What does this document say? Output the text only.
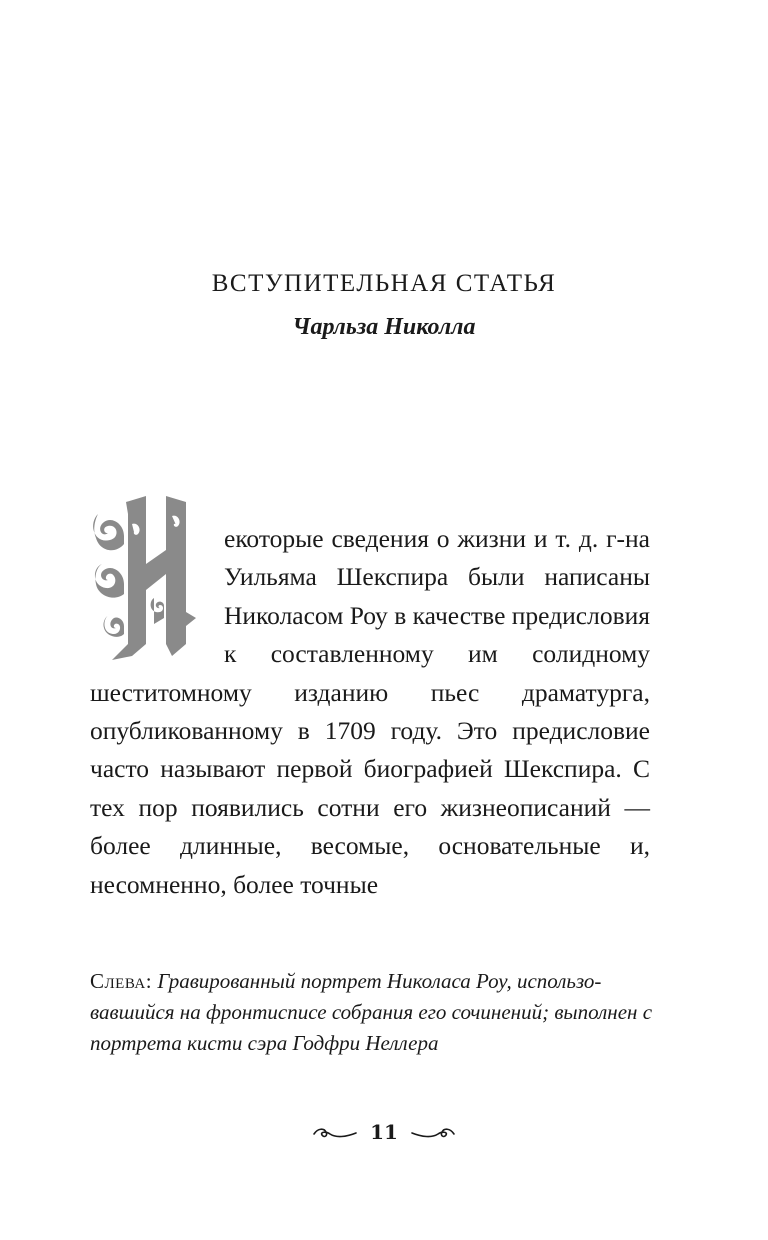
ВСТУПИТЕЛЬНАЯ СТАТЬЯ
Чарльза Николла
екоторые сведения о жизни и т. д. г-на Уильяма Шекспира были написаны Николасом Роу в качестве предисловия к составленному им солидному шеститомному изданию пьес драматурга, опубликованному в 1709 году. Это предисловие часто называют первой биографией Шекспира. С тех пор появились сотни его жизнеописаний — более длинные, весомые, основательные и, несомненно, более точные
Слева: Гравированный портрет Николаса Роу, использовавшийся на фронтисписе собрания его сочинений; выполнен с портрета кисти сэра Годфри Неллера
11
